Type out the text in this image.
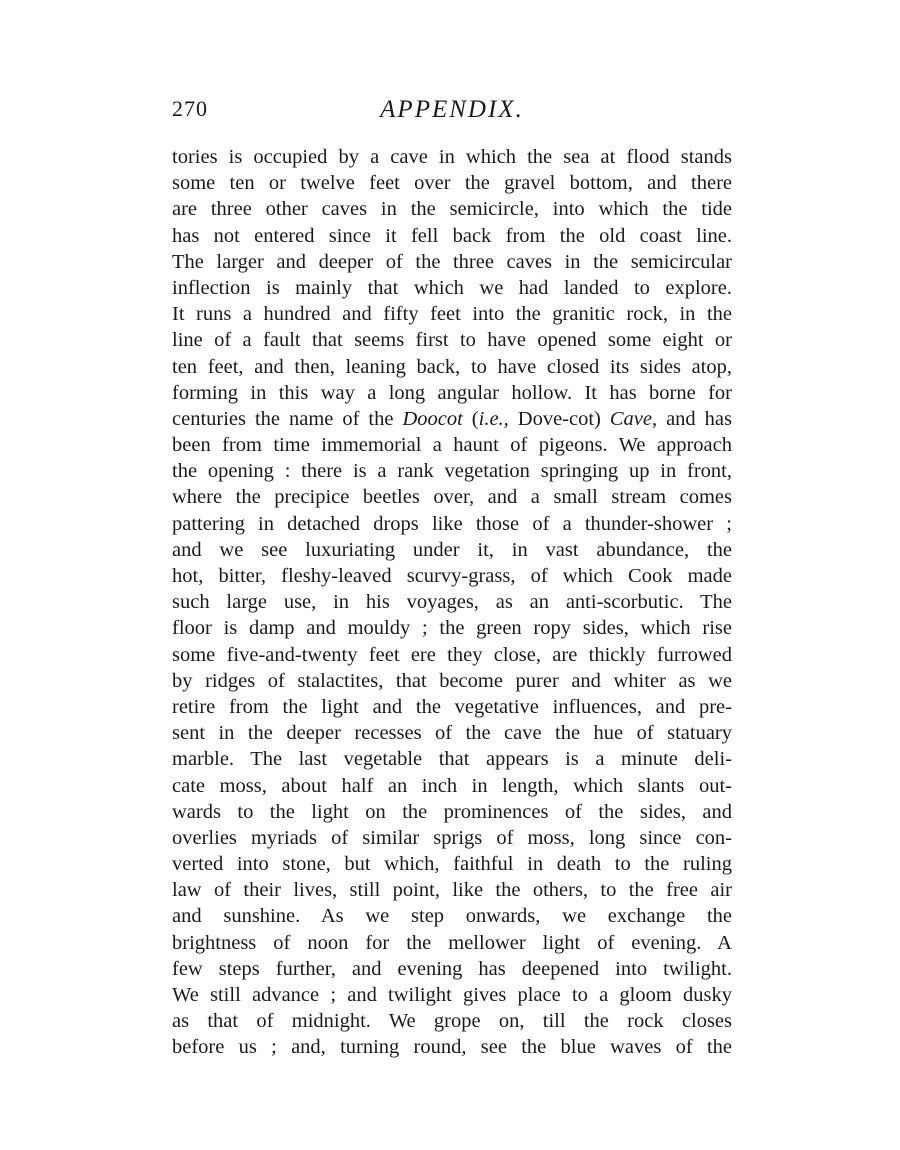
270	APPENDIX.
tories is occupied by a cave in which the sea at flood stands
some ten or twelve feet over the gravel bottom, and there
are three other caves in the semicircle, into which the tide
has not entered since it fell back from the old coast line.
The larger and deeper of the three caves in the semicircular
inflection is mainly that which we had landed to explore.
It runs a hundred and fifty feet into the granitic rock, in the
line of a fault that seems first to have opened some eight or
ten feet, and then, leaning back, to have closed its sides atop,
forming in this way a long angular hollow. It has borne for
centuries the name of the Doocot (i.e., Dove-cot) Cave, and has
been from time immemorial a haunt of pigeons. We approach
the opening : there is a rank vegetation springing up in front,
where the precipice beetles over, and a small stream comes
pattering in detached drops like those of a thunder-shower ;
and we see luxuriating under it, in vast abundance, the
hot, bitter, fleshy-leaved scurvy-grass, of which Cook made
such large use, in his voyages, as an anti-scorbutic. The
floor is damp and mouldy ; the green ropy sides, which rise
some five-and-twenty feet ere they close, are thickly furrowed
by ridges of stalactites, that become purer and whiter as we
retire from the light and the vegetative influences, and pre-
sent in the deeper recesses of the cave the hue of statuary
marble. The last vegetable that appears is a minute deli-
cate moss, about half an inch in length, which slants out-
wards to the light on the prominences of the sides, and
overlies myriads of similar sprigs of moss, long since con-
verted into stone, but which, faithful in death to the ruling
law of their lives, still point, like the others, to the free air
and sunshine. As we step onwards, we exchange the
brightness of noon for the mellower light of evening. A
few steps further, and evening has deepened into twilight.
We still advance ; and twilight gives place to a gloom dusky
as that of midnight. We grope on, till the rock closes
before us ; and, turning round, see the blue waves of the
